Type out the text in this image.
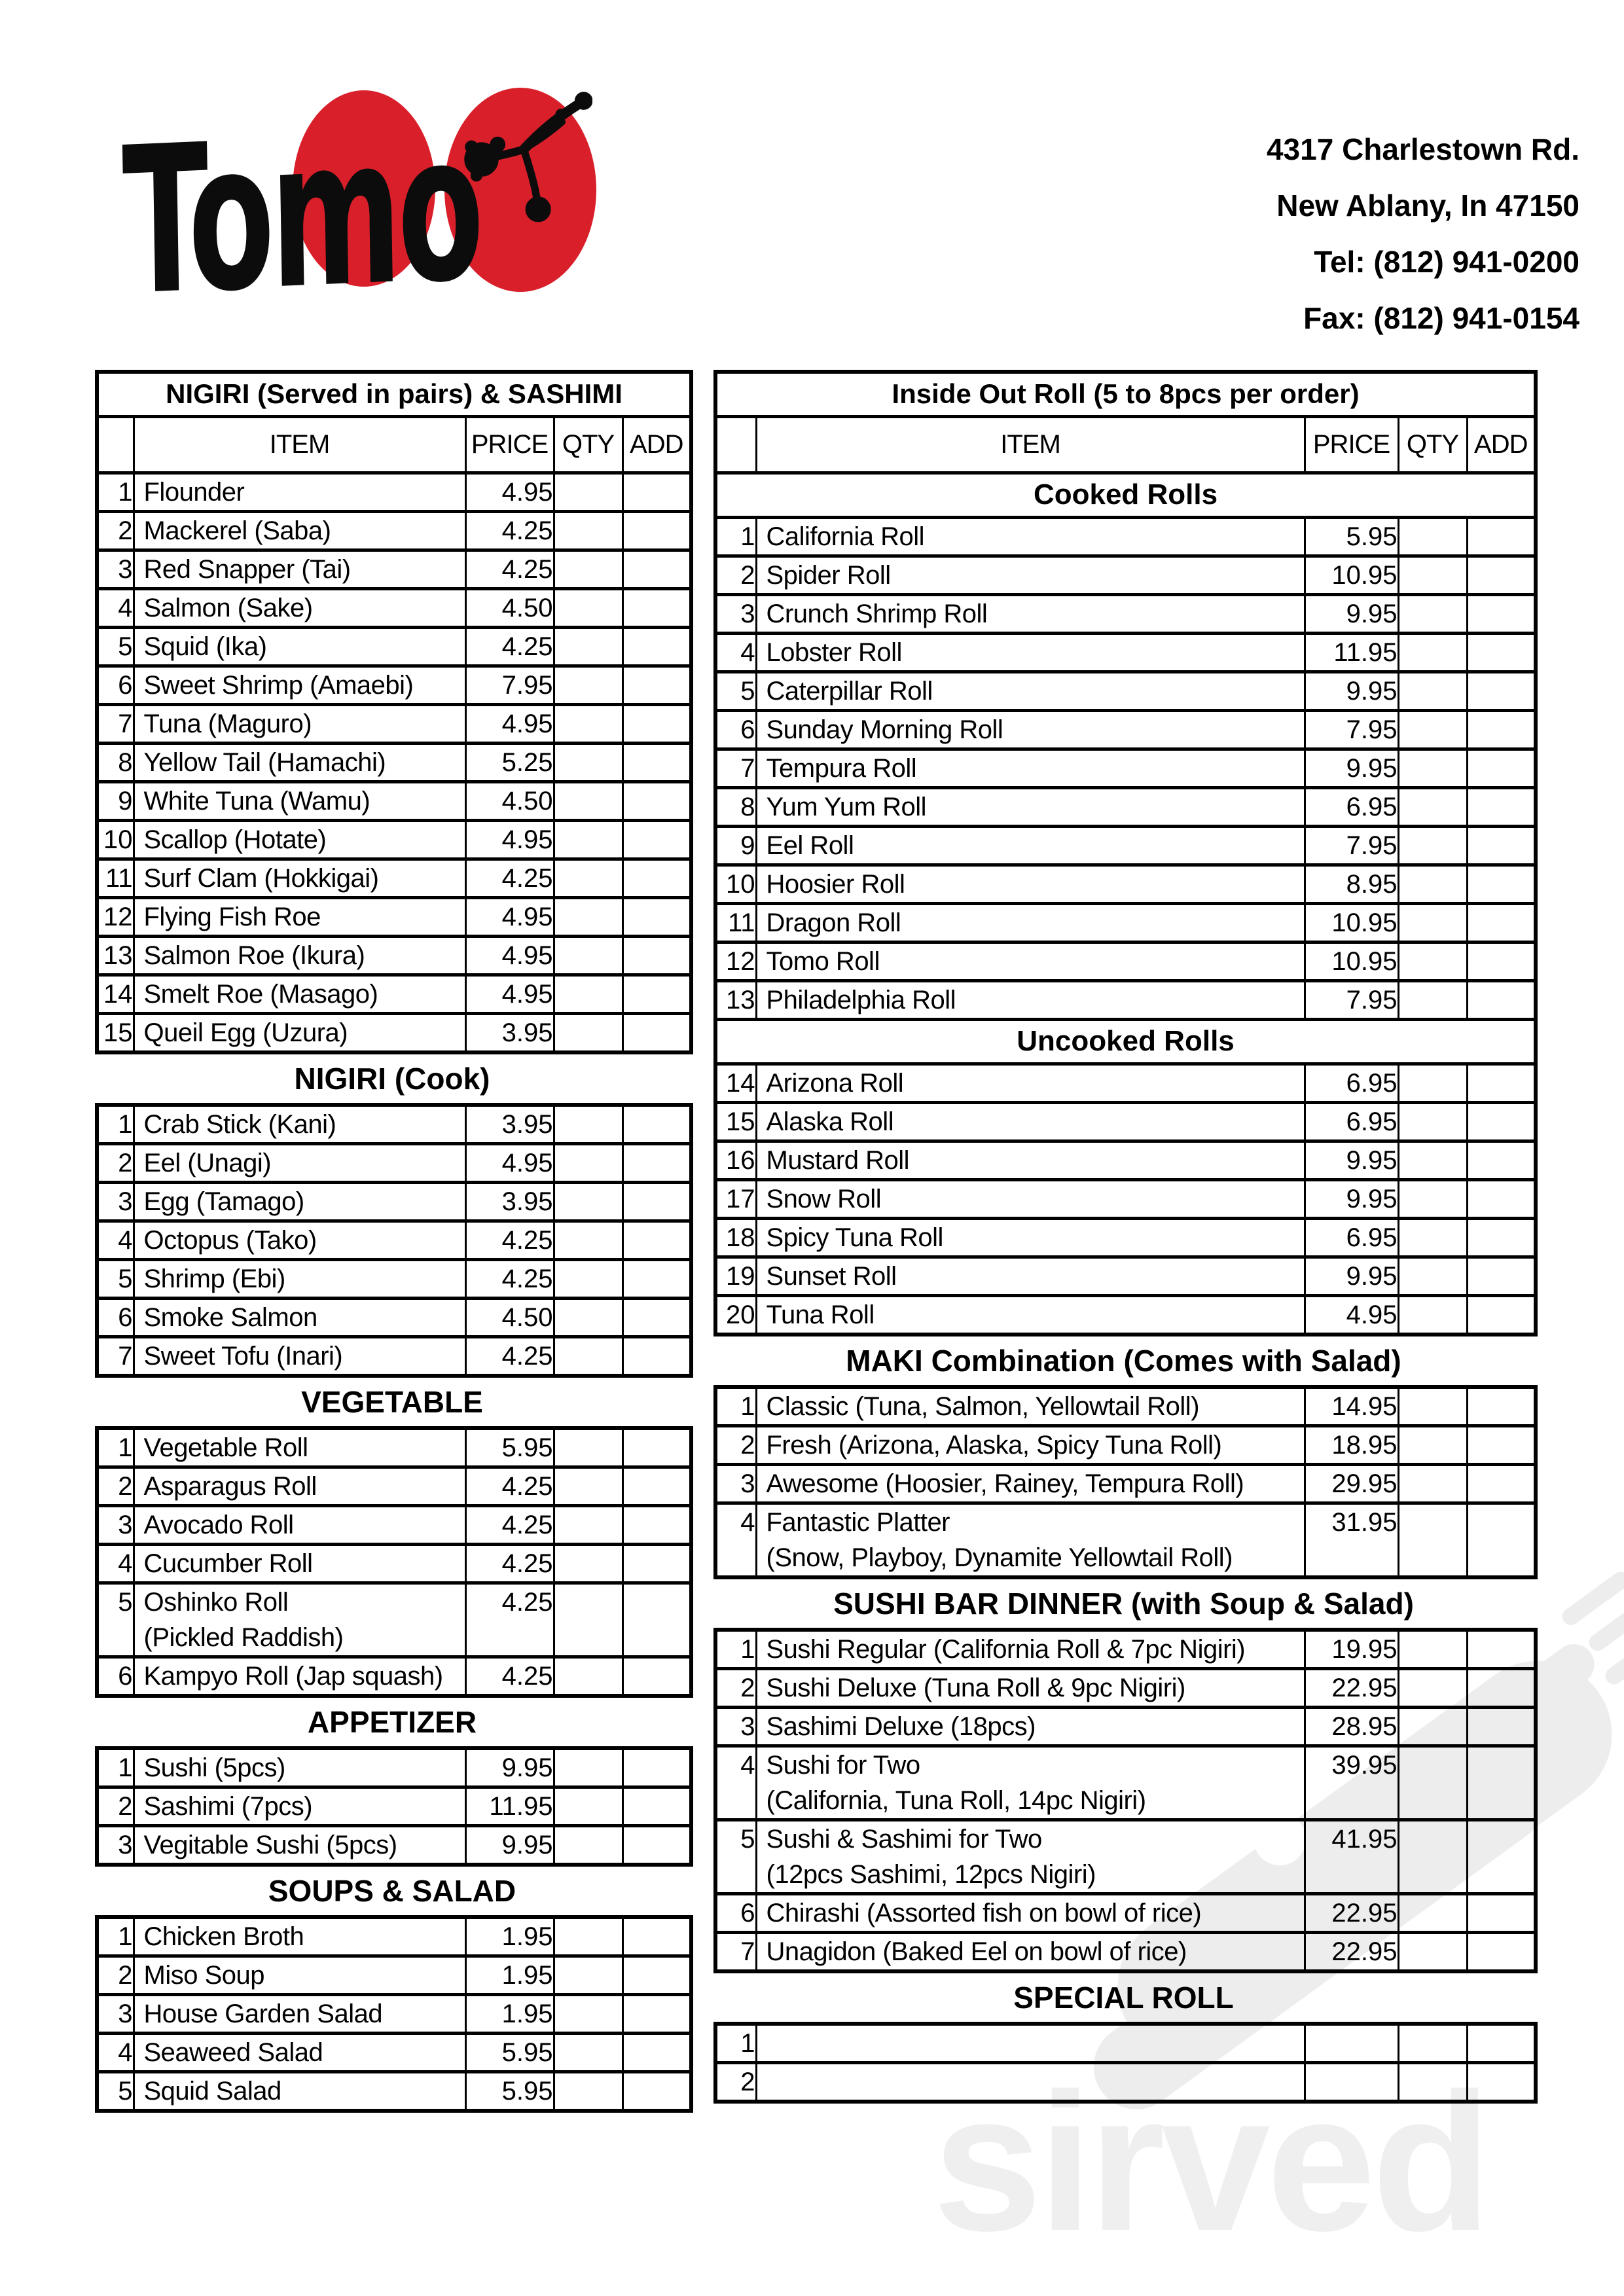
sirved
Tomo	4317 Charlestown Rd.
New Ablany, In 47150
Tel: (812) 941-0200
Fax: (812) 941-0154
NIGIRI (Served in pairs) & SASHIMI				
	ITEM	PRICE	QTY	ADD
1	Flounder	4.95		
2	Mackerel (Saba)	4.25		
3	Red Snapper (Tai)	4.25		
4	Salmon (Sake)	4.50		
5	Squid (Ika)	4.25		
6	Sweet Shrimp (Amaebi)	7.95		
7	Tuna (Maguro)	4.95		
8	Yellow Tail (Hamachi)	5.25		
9	White Tuna (Wamu)	4.50		
10	Scallop (Hotate)	4.95		
11	Surf Clam (Hokkigai)	4.25		
12	Flying Fish Roe	4.95		
13	Salmon Roe (Ikura)	4.95		
14	Smelt Roe (Masago)	4.95		
15	Queil Egg (Uzura)	3.95		
NIGIRI (Cook)
1	Crab Stick (Kani)	3.95		
2	Eel (Unagi)	4.95		
3	Egg (Tamago)	3.95		
4	Octopus (Tako)	4.25		
5	Shrimp (Ebi)	4.25		
6	Smoke Salmon	4.50		
7	Sweet Tofu (Inari)	4.25		
VEGETABLE
1	Vegetable Roll	5.95		
2	Asparagus Roll	4.25		
3	Avocado Roll	4.25		
4	Cucumber Roll	4.25		
5	Oshinko Roll
(Pickled Raddish)	4.25		
6	Kampyo Roll (Jap squash)	4.25		
APPETIZER
1	Sushi (5pcs)	9.95		
2	Sashimi (7pcs)	11.95		
3	Vegitable Sushi (5pcs)	9.95		
SOUPS & SALAD
1	Chicken Broth	1.95		
2	Miso Soup	1.95		
3	House Garden Salad	1.95		
4	Seaweed Salad	5.95		
5	Squid Salad	5.95		
Inside Out Roll (5 to 8pcs per order)				
	ITEM	PRICE	QTY	ADD
Cooked Rolls				
1	California Roll	5.95		
2	Spider Roll	10.95		
3	Crunch Shrimp Roll	9.95		
4	Lobster Roll	11.95		
5	Caterpillar Roll	9.95		
6	Sunday Morning Roll	7.95		
7	Tempura Roll	9.95		
8	Yum Yum Roll	6.95		
9	Eel Roll	7.95		
10	Hoosier Roll	8.95		
11	Dragon Roll	10.95		
12	Tomo Roll	10.95		
13	Philadelphia Roll	7.95		
Uncooked Rolls				
14	Arizona Roll	6.95		
15	Alaska Roll	6.95		
16	Mustard Roll	9.95		
17	Snow Roll	9.95		
18	Spicy Tuna Roll	6.95		
19	Sunset Roll	9.95		
20	Tuna Roll	4.95		
MAKI Combination (Comes with Salad)
1	Classic (Tuna, Salmon, Yellowtail Roll)	14.95		
2	Fresh (Arizona, Alaska, Spicy Tuna Roll)	18.95		
3	Awesome (Hoosier, Rainey, Tempura Roll)	29.95		
4	Fantastic Platter
(Snow, Playboy, Dynamite Yellowtail Roll)	31.95		
SUSHI BAR DINNER (with Soup & Salad)
1	Sushi Regular (California Roll & 7pc Nigiri)	19.95		
2	Sushi Deluxe (Tuna Roll & 9pc Nigiri)	22.95		
3	Sashimi Deluxe (18pcs)	28.95		
4	Sushi for Two
(California, Tuna Roll, 14pc Nigiri)	39.95		
5	Sushi & Sashimi for Two
(12pcs Sashimi, 12pcs Nigiri)	41.95		
6	Chirashi (Assorted fish on bowl of rice)	22.95		
7	Unagidon (Baked Eel on bowl of rice)	22.95		
SPECIAL ROLL
1	

2	
